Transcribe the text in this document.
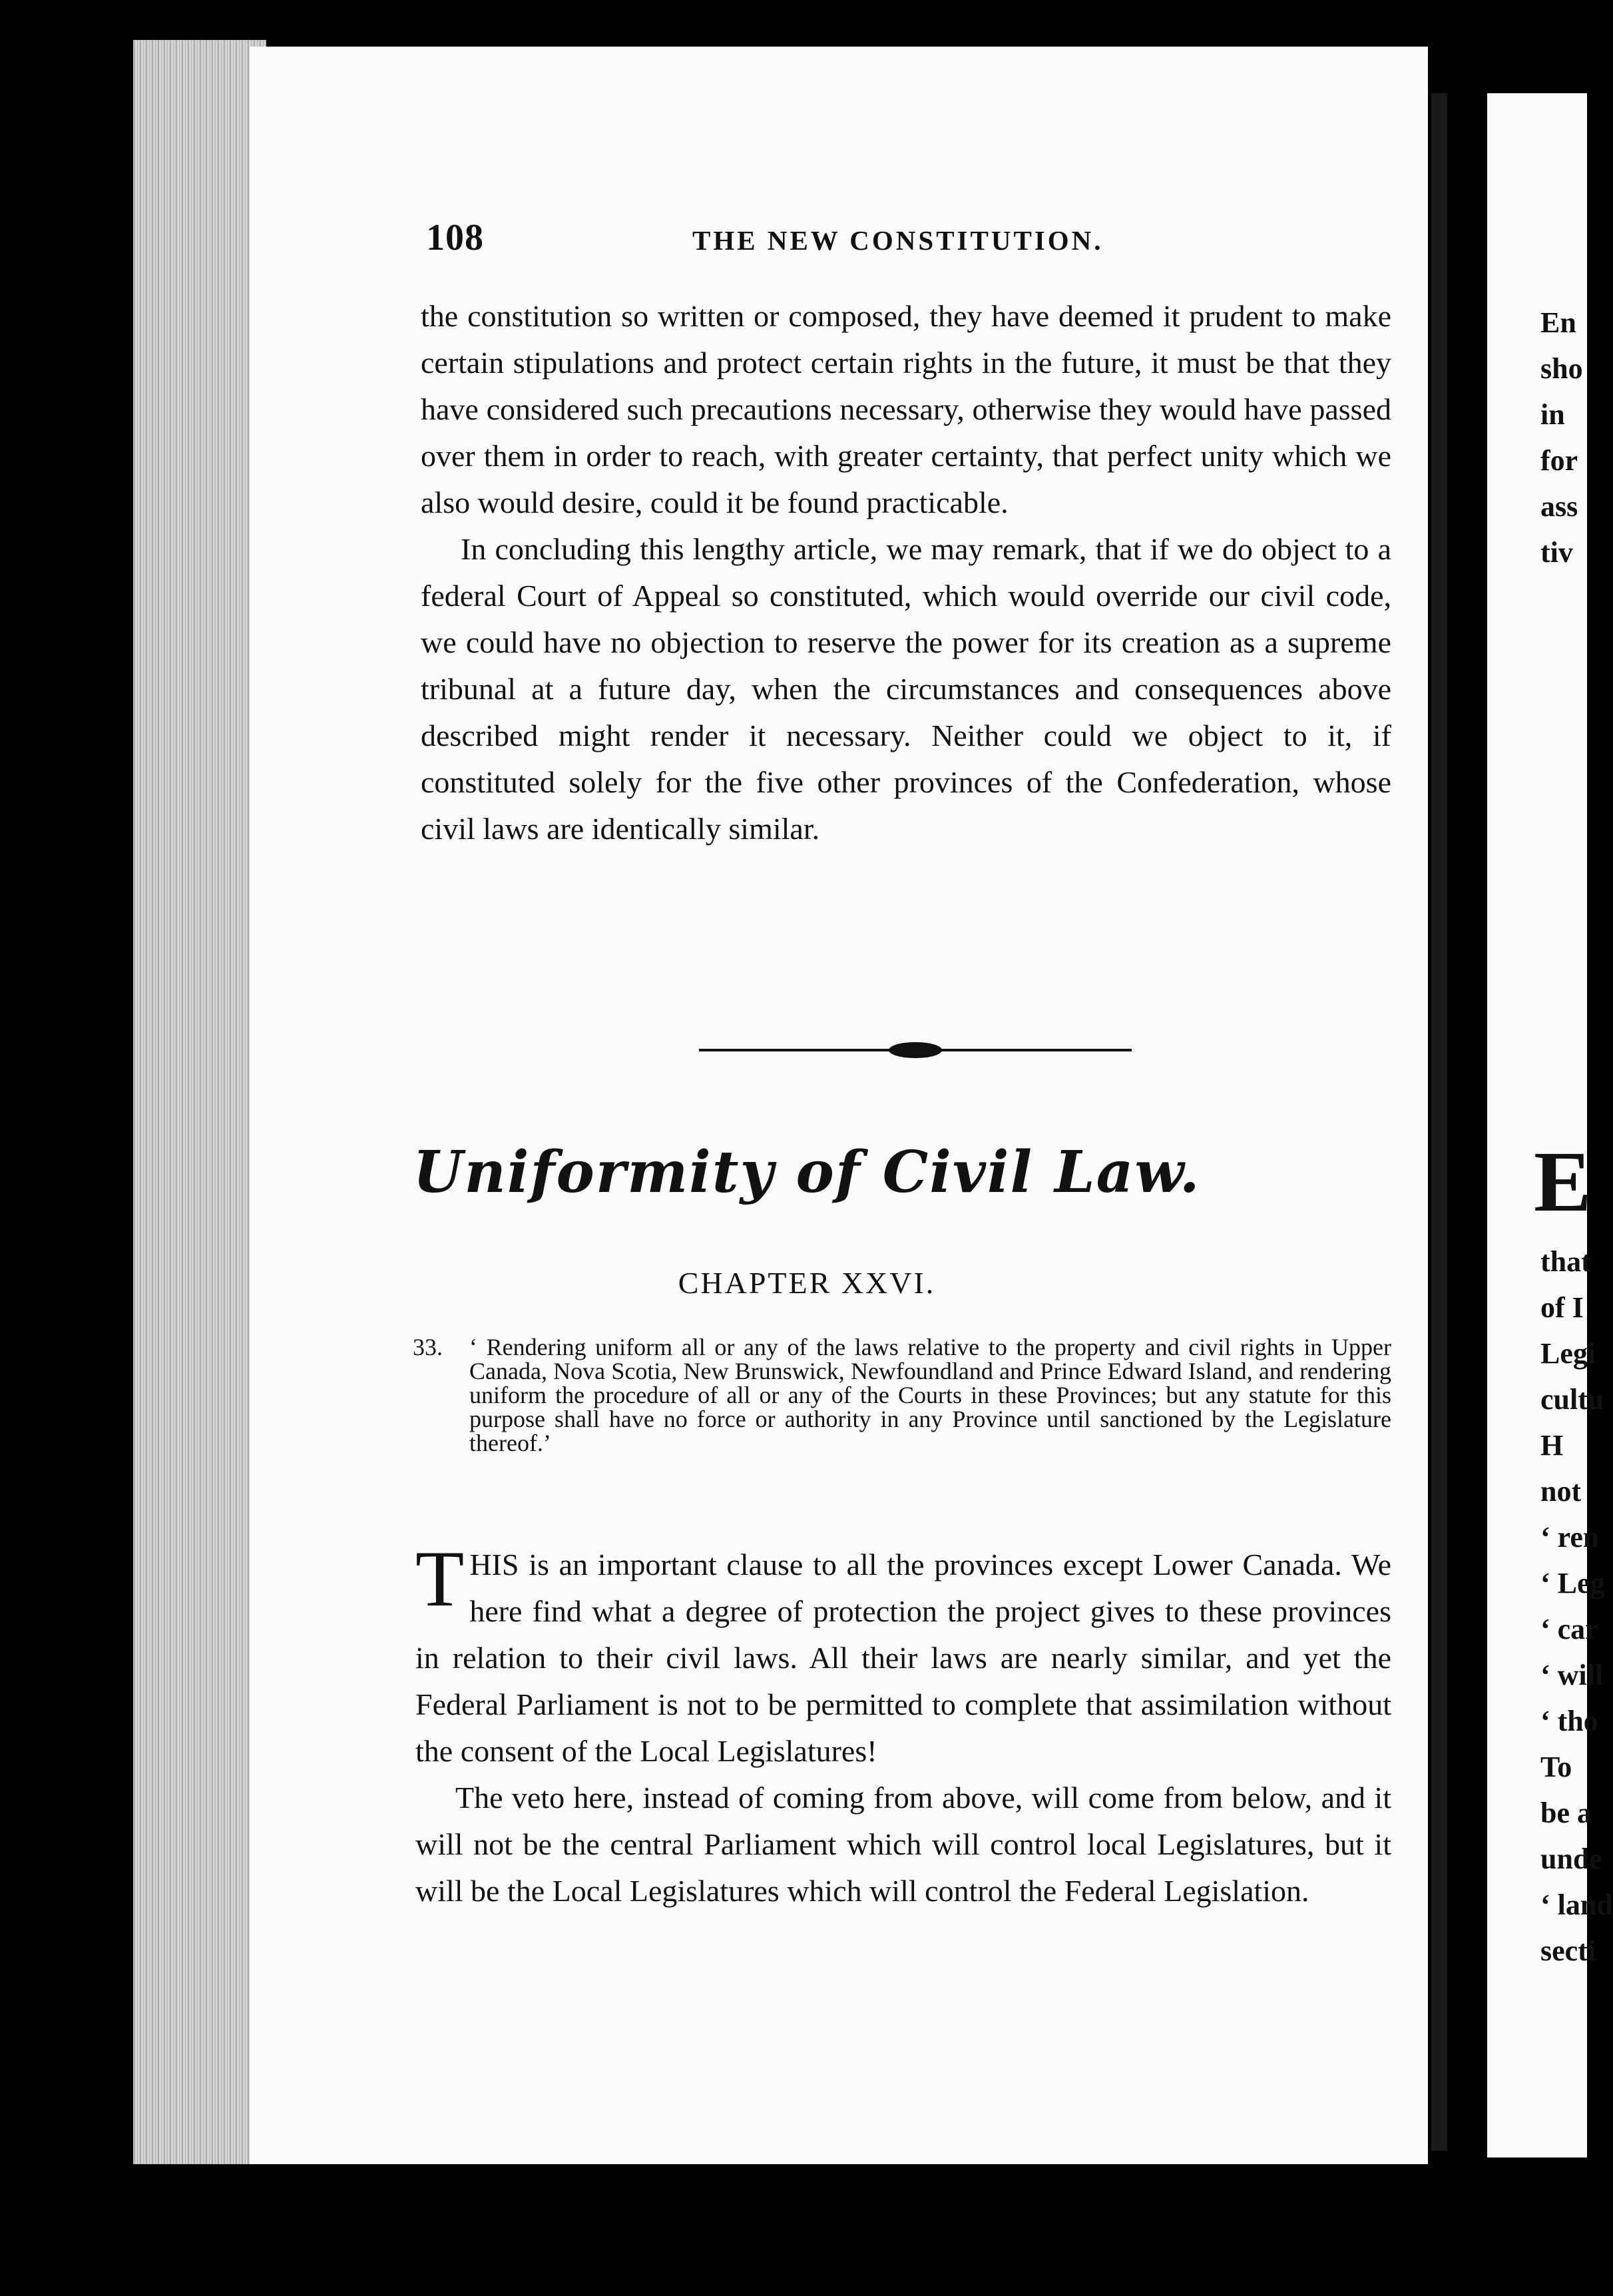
En
sho
in
for
ass
tiv
E
that
of I
Legi
cultu
H
not
‘ ren
‘ Leg
‘ car
‘ will
‘ tho
To
be a
unde
‘ land
secti
108	THE NEW CONSTITUTION.

the constitution so written or composed, they have deemed it prudent to make certain stipulations and protect certain rights in the future, it must be that they have considered such precautions necessary, otherwise they would have passed over them in order to reach, with greater certainty, that perfect unity which we also would desire, could it be found practicable.

In concluding this lengthy article, we may remark, that if we do object to a federal Court of Appeal so constituted, which would override our civil code, we could have no objection to reserve the power for its creation as a supreme tribunal at a future day, when the circumstances and consequences above described might render it necessary. Neither could we object to it, if constituted solely for the five other provinces of the Confederation, whose civil laws are identically similar.

Uniformity of Civil Law.
CHAPTER XXVI.
33. ‘ Rendering uniform all or any of the laws relative to the property and civil rights in Upper Canada, Nova Scotia, New Brunswick, Newfoundland and Prince Edward Island, and rendering uniform the procedure of all or any of the Courts in these Provinces; but any statute for this purpose shall have no force or authority in any Province until sanctioned by the Legislature thereof.’

T HIS is an important clause to all the provinces except Lower Canada. We here find what a degree of protection the project gives to these provinces in relation to their civil laws. All their laws are nearly similar, and yet the Federal Parliament is not to be permitted to complete that assimilation without the consent of the Local Legislatures!

The veto here, instead of coming from above, will come from below, and it will not be the central Parliament which will control local Legislatures, but it will be the Local Legislatures which will control the Federal Legislation.
